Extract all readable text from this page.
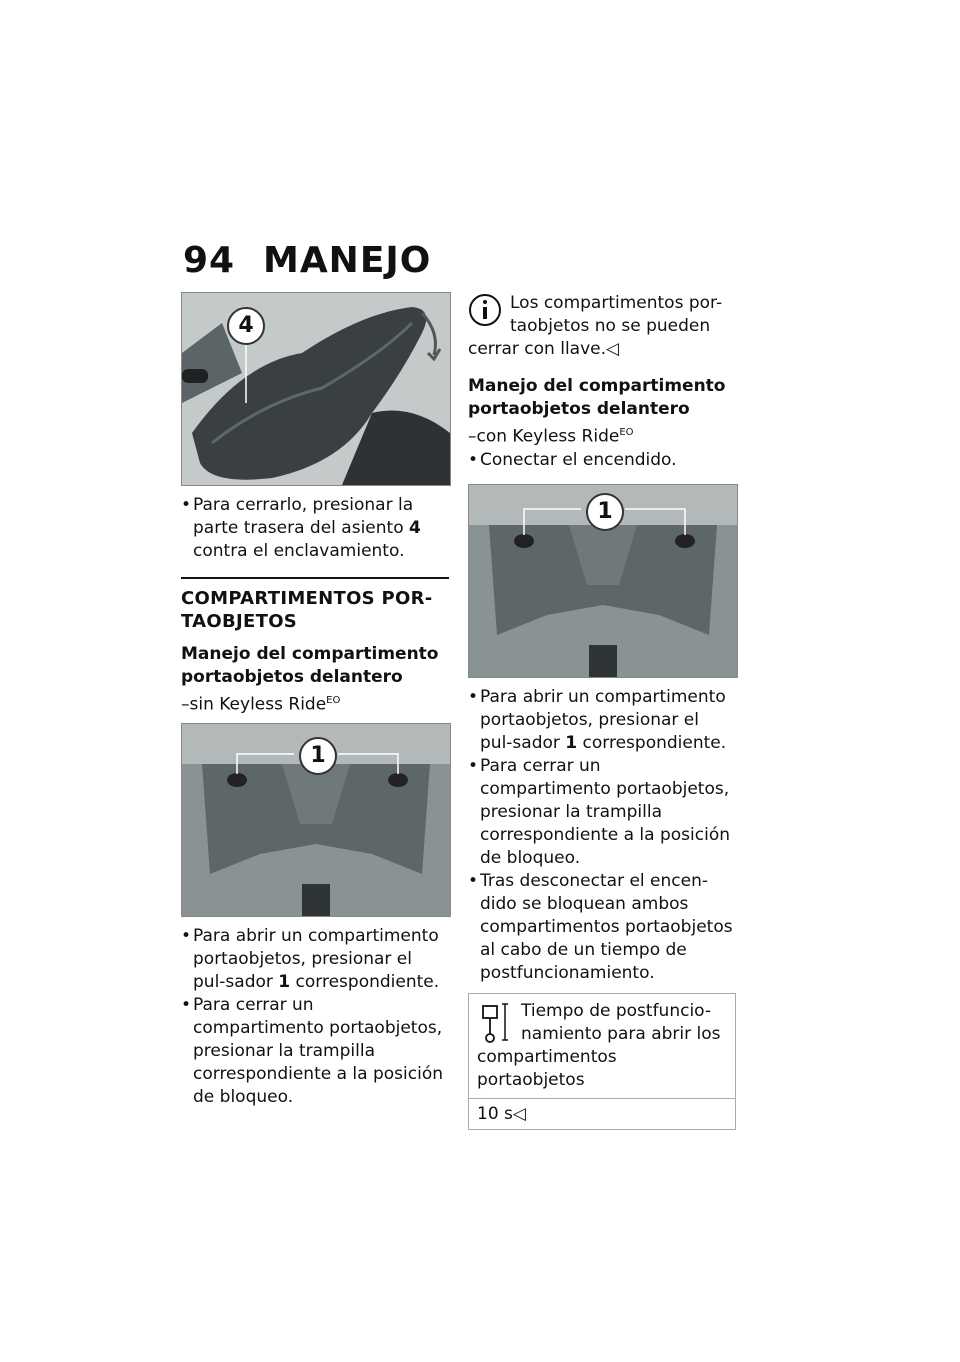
94 MANEJO
4
• Para cerrarlo, presionar la parte trasera del asiento 4 contra el enclavamiento.
COMPARTIMENTOS POR-TAOBJETOS
Manejo del compartimento portaobjetos delantero
–sin Keyless Ride$^{EO}$
1
• Para abrir un compartimento portaobjetos, presionar el pul-sador 1 correspondiente.
• Para cerrar un compartimento portaobjetos, presionar la trampilla correspondiente a la posición de bloqueo.
Los compartimentos por-taobjetos no se pueden cerrar con llave.◁
Manejo del compartimento portaobjetos delantero
–con Keyless Ride$^{EO}$
• Conectar el encendido.
1
• Para abrir un compartimento portaobjetos, presionar el pul-sador 1 correspondiente.
• Para cerrar un compartimento portaobjetos, presionar la trampilla correspondiente a la posición de bloqueo.
• Tras desconectar el encen-dido se bloquean ambos compartimentos portaobjetos al cabo de un tiempo de postfuncionamiento.
Tiempo de postfuncio-namiento para abrir los compartimentos portaobjetos
10 s◁
